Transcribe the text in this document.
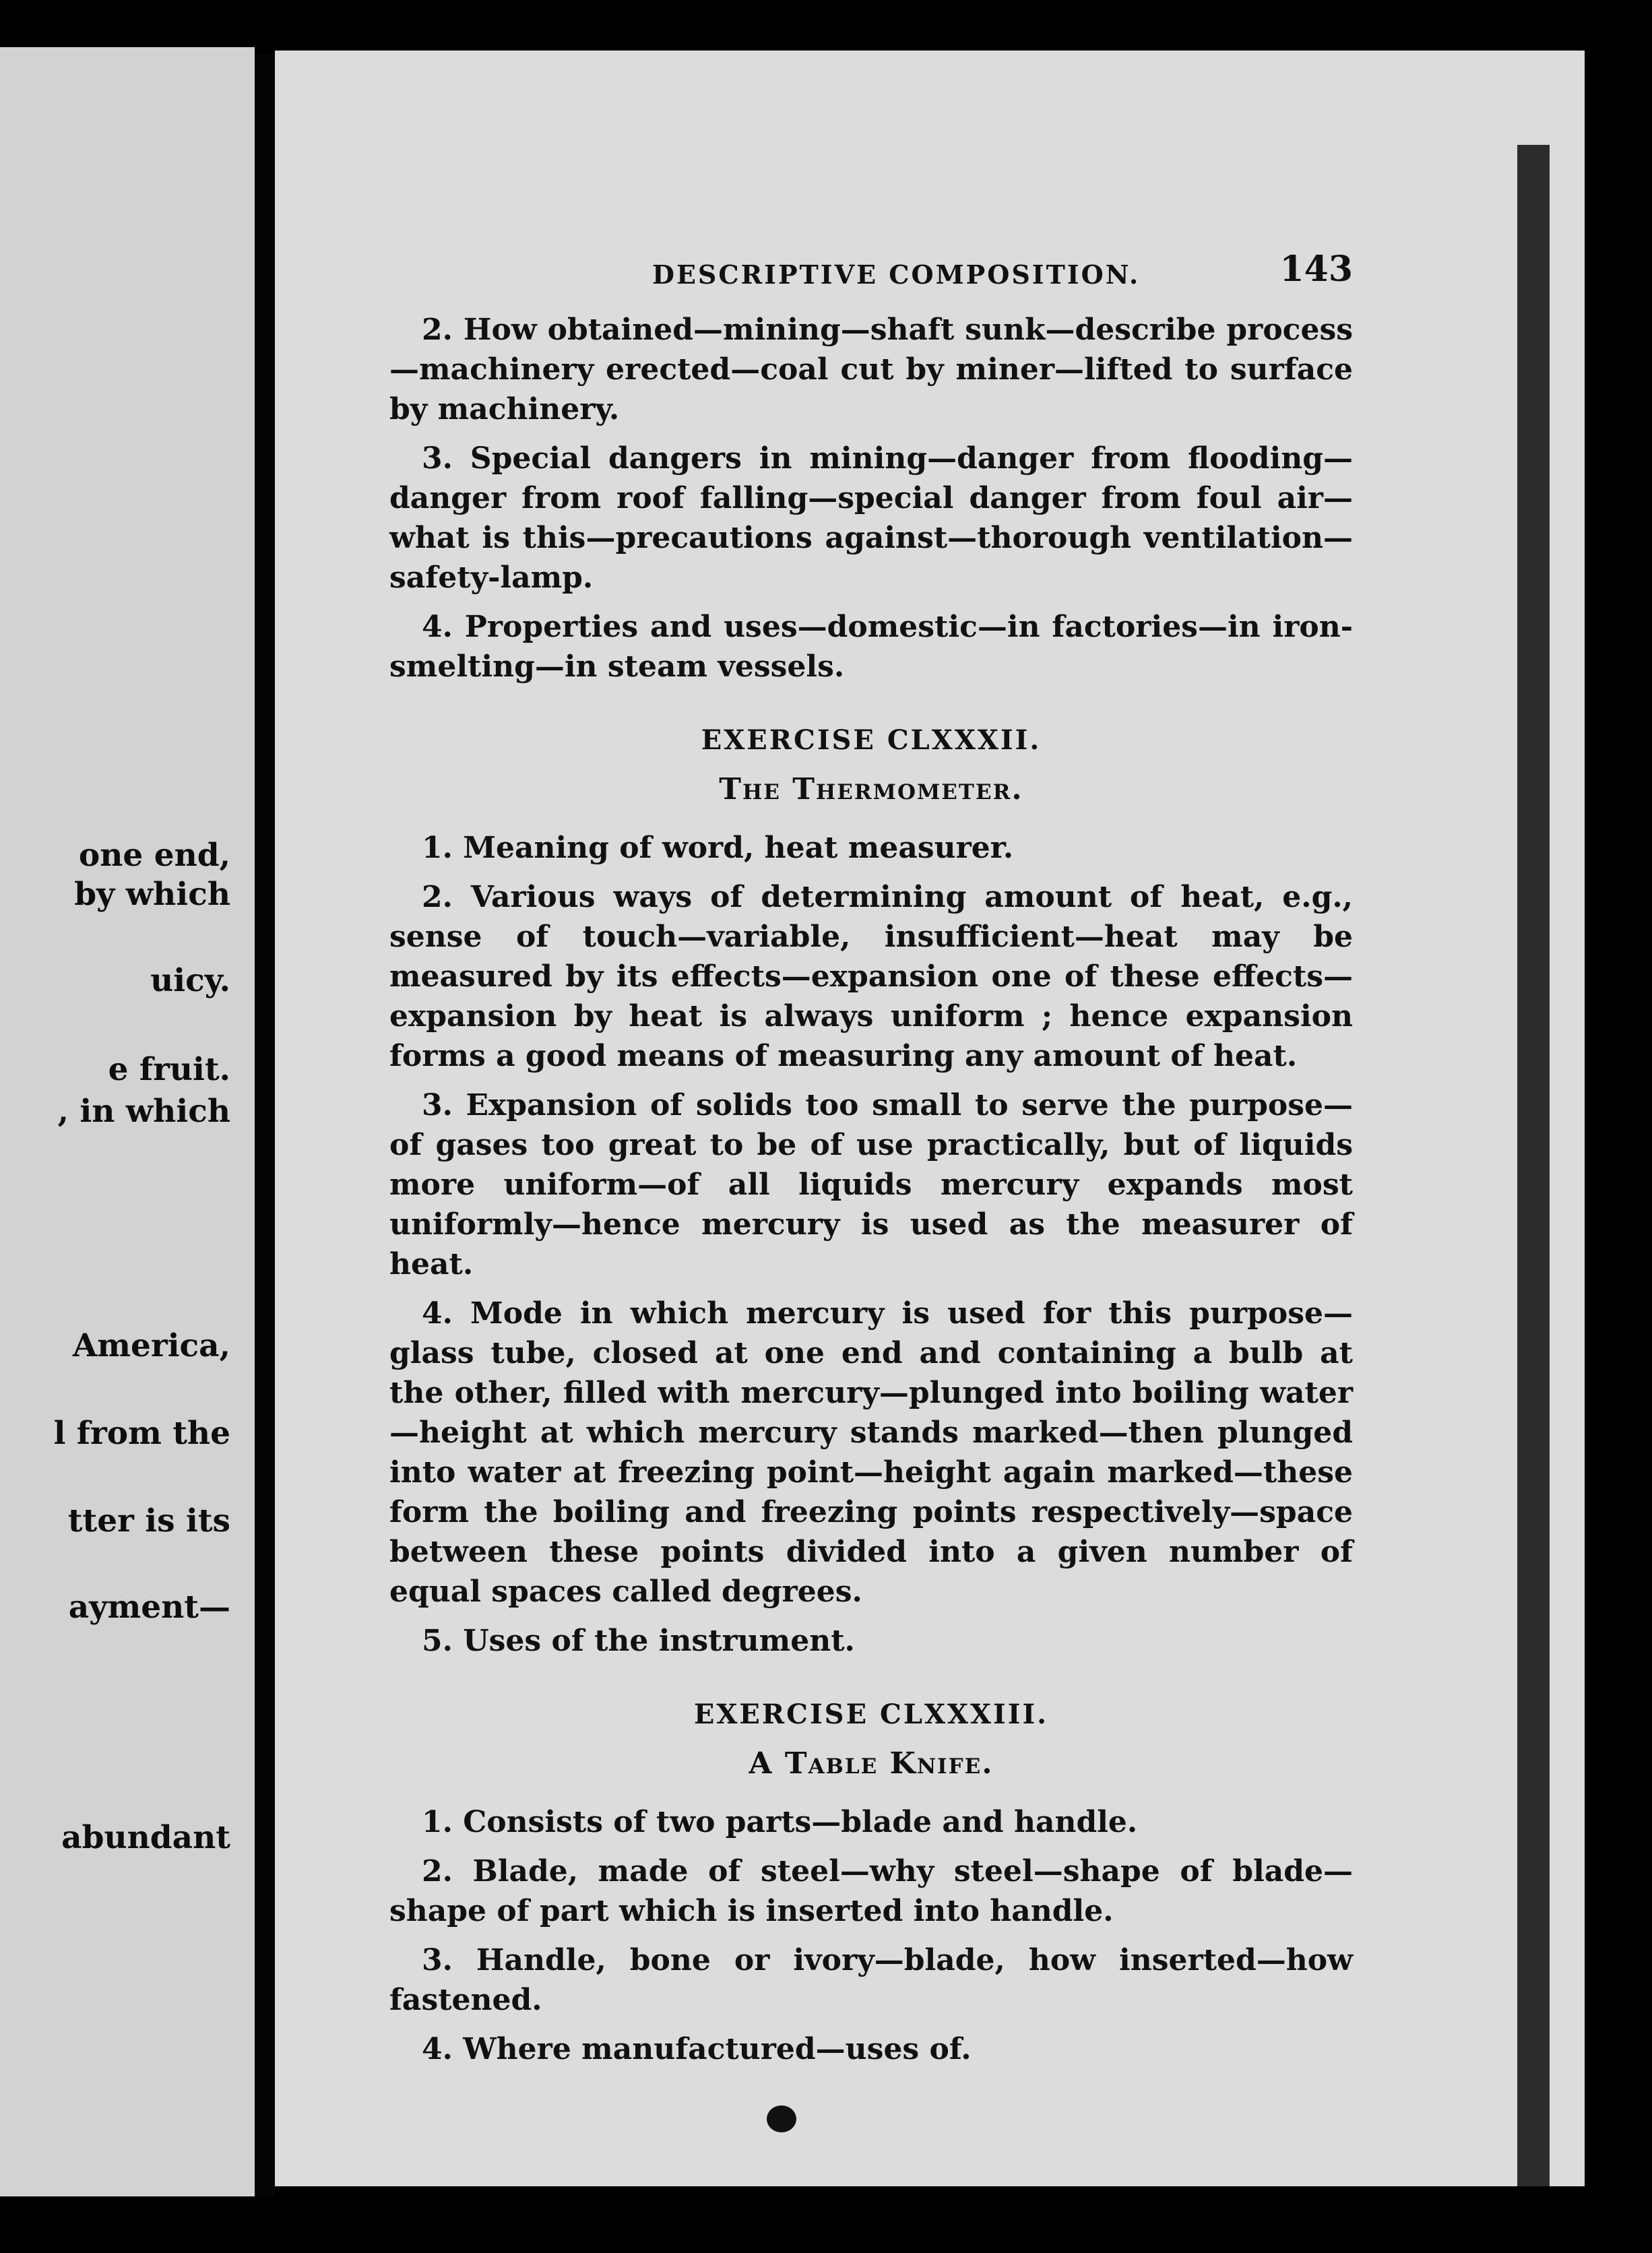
one end,
by which
uicy.
e fruit.
, in which
America,
l from the
tter is its
ayment—
abundant
DESCRIPTIVE COMPOSITION.	143

2. How obtained—mining—shaft sunk—describe process—machinery erected—coal cut by miner—lifted to surface by machinery.

3. Special dangers in mining—danger from flooding—danger from roof falling—special danger from foul air—what is this—precautions against—thorough ventilation—safety-lamp.

4. Properties and uses—domestic—in factories—in iron-smelting—in steam vessels.

EXERCISE CLXXXII.
The Thermometer.

1. Meaning of word, heat measurer.

2. Various ways of determining amount of heat, e.g., sense of touch—variable, insufficient—heat may be measured by its effects—expansion one of these effects—expansion by heat is always uniform ; hence expansion forms a good means of measuring any amount of heat.

3. Expansion of solids too small to serve the purpose—of gases too great to be of use practically, but of liquids more uniform—of all liquids mercury expands most uniformly—hence mercury is used as the measurer of heat.

4. Mode in which mercury is used for this purpose—glass tube, closed at one end and containing a bulb at the other, filled with mercury—plunged into boiling water—height at which mercury stands marked—then plunged into water at freezing point—height again marked—these form the boiling and freezing points respectively—space between these points divided into a given number of equal spaces called degrees.

5. Uses of the instrument.

EXERCISE CLXXXIII.
A Table Knife.

1. Consists of two parts—blade and handle.

2. Blade, made of steel—why steel—shape of blade—shape of part which is inserted into handle.

3. Handle, bone or ivory—blade, how inserted—how fastened.

4. Where manufactured—uses of.
